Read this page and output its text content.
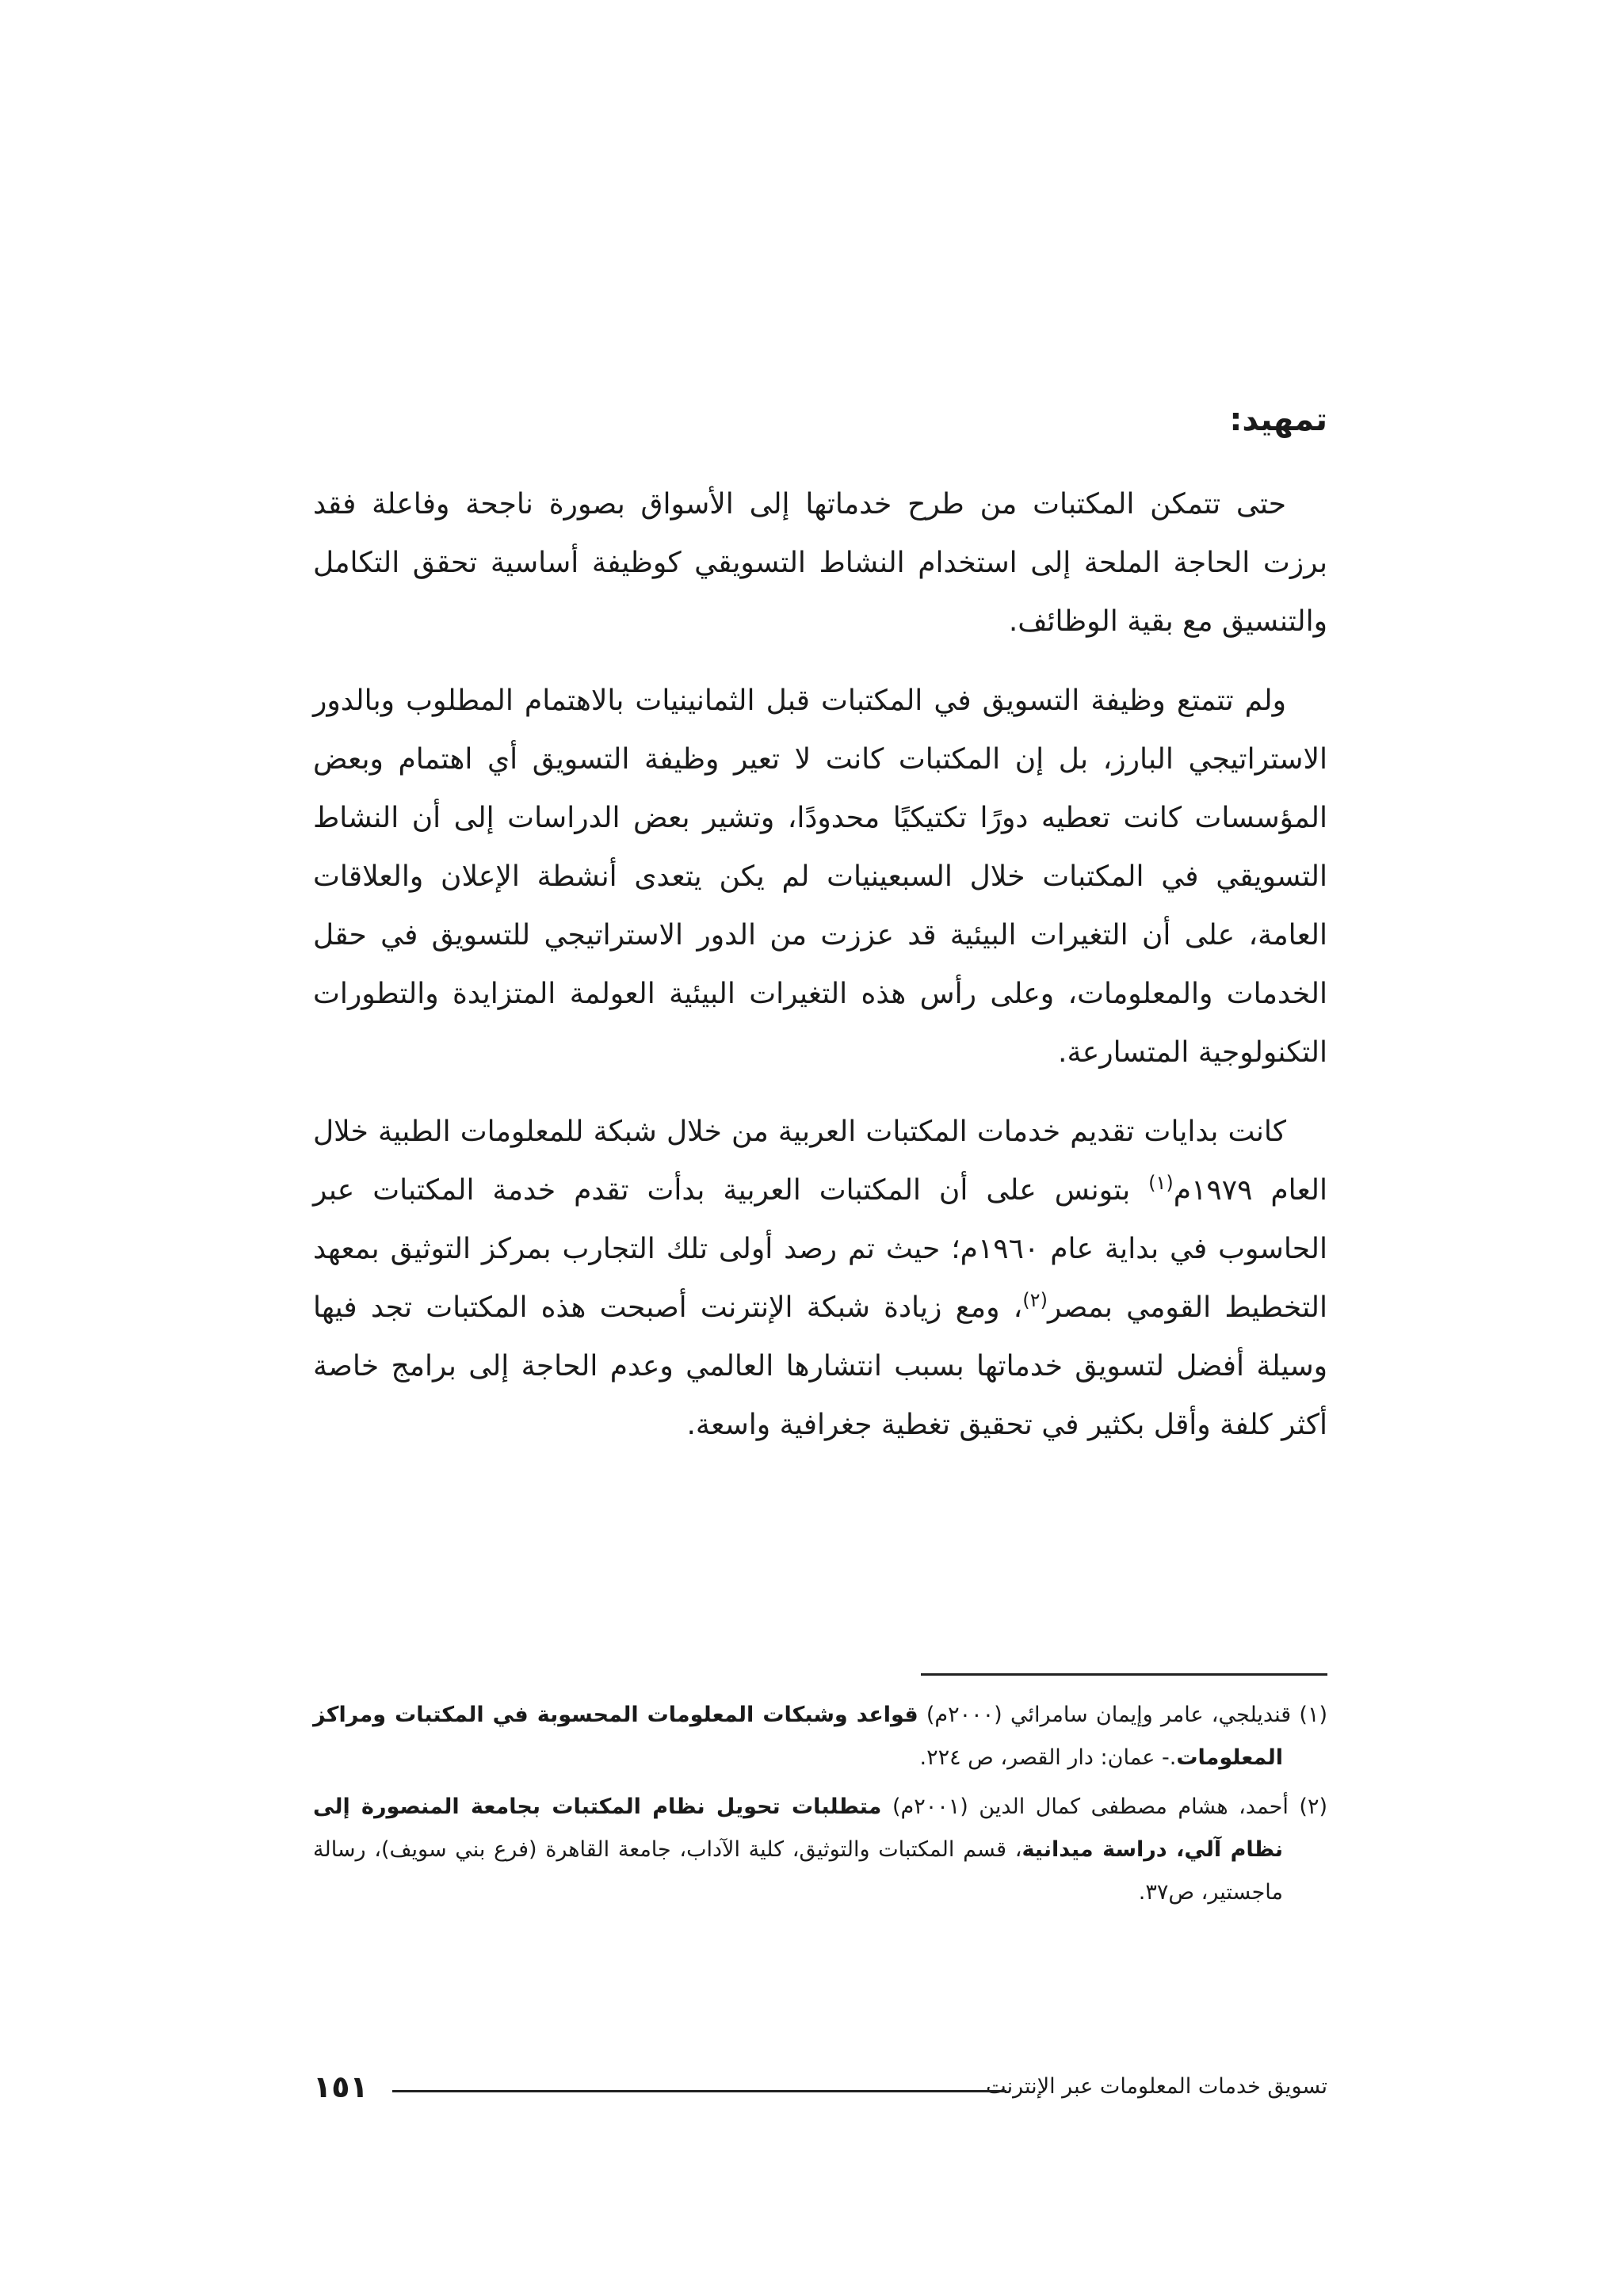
تمهيد:

حتى تتمكن المكتبات من طرح خدماتها إلى الأسواق بصورة ناجحة وفاعلة فقد برزت الحاجة الملحة إلى استخدام النشاط التسويقي كوظيفة أساسية تحقق التكامل والتنسيق مع بقية الوظائف.

ولم تتمتع وظيفة التسويق في المكتبات قبل الثمانينيات بالاهتمام المطلوب وبالدور الاستراتيجي البارز، بل إن المكتبات كانت لا تعير وظيفة التسويق أي اهتمام وبعض المؤسسات كانت تعطيه دورًا تكتيكيًا محدودًا، وتشير بعض الدراسات إلى أن النشاط التسويقي في المكتبات خلال السبعينيات لم يكن يتعدى أنشطة الإعلان والعلاقات العامة، على أن التغيرات البيئية قد عززت من الدور الاستراتيجي للتسويق في حقل الخدمات والمعلومات، وعلى رأس هذه التغيرات البيئية العولمة المتزايدة والتطورات التكنولوجية المتسارعة.

كانت بدايات تقديم خدمات المكتبات العربية من خلال شبكة للمعلومات الطبية خلال العام ١٩٧٩م$^{(١)}$ بتونس على أن المكتبات العربية بدأت تقدم خدمة المكتبات عبر الحاسوب في بداية عام ١٩٦٠م؛ حيث تم رصد أولى تلك التجارب بمركز التوثيق بمعهد التخطيط القومي بمصر$^{(٢)}$، ومع زيادة شبكة الإنترنت أصبحت هذه المكتبات تجد فيها وسيلة أفضل لتسويق خدماتها بسبب انتشارها العالمي وعدم الحاجة إلى برامج خاصة أكثر كلفة وأقل بكثير في تحقيق تغطية جغرافية واسعة.

(١) قنديلجي، عامر وإيمان سامرائي (٢٠٠٠م) قواعد وشبكات المعلومات المحسوبة في المكتبات ومراكز المعلومات.- عمان: دار القصر، ص ٢٢٤.

(٢) أحمد، هشام مصطفى كمال الدين (٢٠٠١م) متطلبات تحويل نظام المكتبات بجامعة المنصورة إلى نظام آلي، دراسة ميدانية، قسم المكتبات والتوثيق، كلية الآداب، جامعة القاهرة (فرع بني سويف)، رسالة ماجستير، ص٣٧.

تسويق خدمات المعلومات عبر الإنترنت
١٥١
